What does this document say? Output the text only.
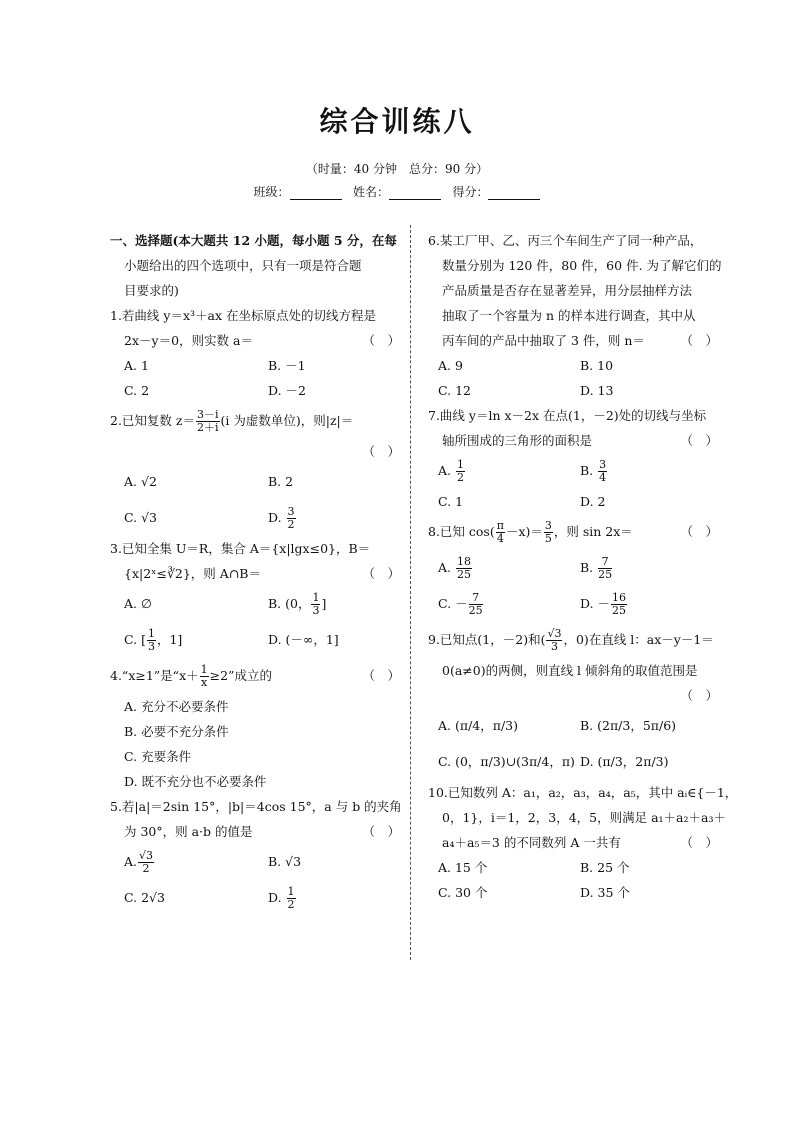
综合训练八
（时量：40 分钟　总分：90 分）
班级：	姓名：	得分：
一、选择题(本大题共 12 小题，每小题 5 分，在每
小题给出的四个选项中，只有一项是符合题
目要求的)
1.若曲线 y＝x³＋ax 在坐标原点处的切线方程是
2x－y＝0，则实数 a＝	（　）
A. 1	B. －1
C. 2	D. －2
2.已知复数 $z= \frac{3-i}{2+i} (i$ 为虚数单位)，则|z|＝
（　）
A. √2	B. 2
C. √3	D. $\frac{3}{2}$
3.已知全集 U＝R，集合 A＝{x|lgx≤0}，B＝
{x|2ˣ≤∛2}，则 A∩B＝	（　）
A. ∅	B. (0， $\frac{1}{3}$ ]
C. [ $\frac{1}{3}$ ，1]	D. (－∞，1]
4.“x≥1”是“$x+ \frac{1}{x} \ge 2$”成立的	（　）
A. 充分不必要条件
B. 必要不充分条件
C. 充要条件
D. 既不充分也不必要条件
5.若|a|＝2sin 15°，|b|＝4cos 15°，a 与 b 的夹角
为 30°，则 a·b 的值是	（　）
A. $\frac{√3}{2}$	B. √3
C. 2√3	D. $\frac{1}{2}$
6.某工厂甲、乙、丙三个车间生产了同一种产品，
数量分别为 120 件，80 件，60 件. 为了解它们的
产品质量是否存在显著差异，用分层抽样方法
抽取了一个容量为 n 的样本进行调查，其中从
丙车间的产品中抽取了 3 件，则 n＝	（　）
A. 9	B. 10
C. 12	D. 13
7.曲线 y＝ln x－2x 在点(1，－2)处的切线与坐标
轴所围成的三角形的面积是	（　）
A. $\frac{1}{2}$	B. $\frac{3}{4}$
C. 1	D. 2
8.已知 $\cos( \frac{\pi}{4} -x)= \frac{3}{5}$ ，则 sin 2x＝	（　）
A. $\frac{18}{25}$	B. $\frac{7}{25}$
C. － $\frac{7}{25}$	D. － $\frac{16}{25}$
9.已知点(1，－2)和( $\frac{√3}{3}$ ，0)在直线 l：ax－y－1＝
0(a≠0)的两侧，则直线 l 倾斜角的取值范围是
（　）
A. (π/4，π/3)	B. (2π/3，5π/6)
C. (0，π/3)∪(3π/4，π) D. (π/3，2π/3)
10.已知数列 A：a₁，a₂，a₃，a₄，a₅，其中 aᵢ∈{－1，
0，1}，i＝1，2，3，4，5，则满足 a₁＋a₂＋a₃＋
a₄＋a₅＝3 的不同数列 A 一共有	（　）
A. 15 个	B. 25 个
C. 30 个	D. 35 个
